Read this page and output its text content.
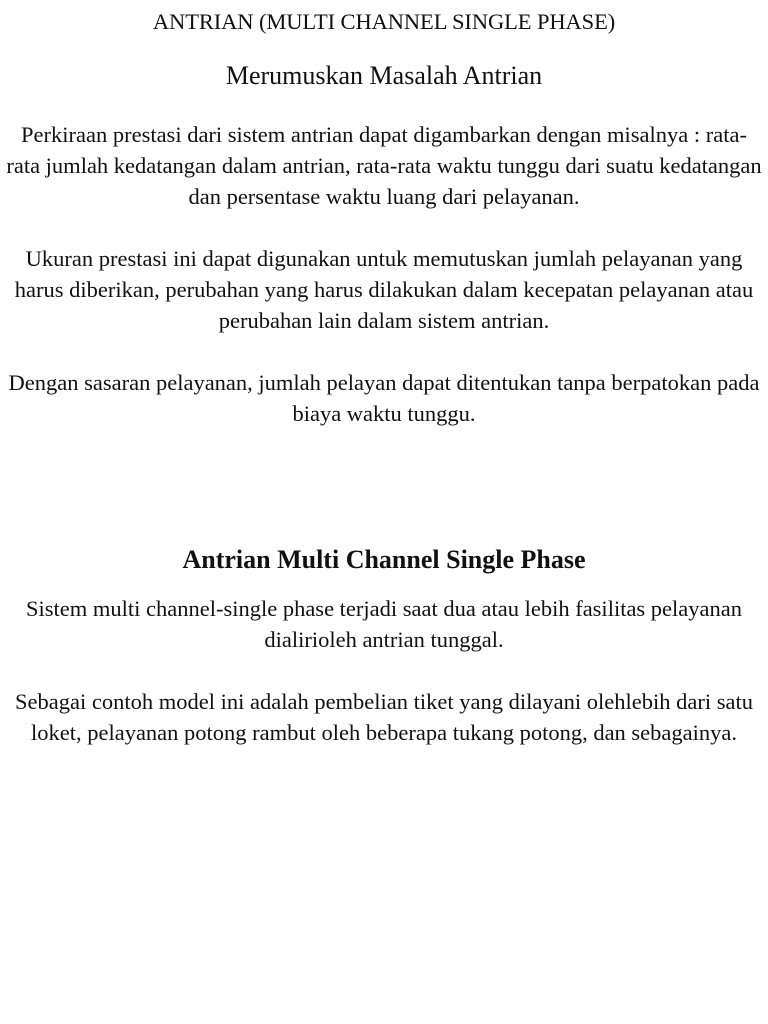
ANTRIAN (MULTI CHANNEL SINGLE PHASE)
Merumuskan Masalah Antrian

Perkiraan prestasi dari sistem antrian dapat digambarkan dengan misalnya : rata-rata jumlah kedatangan dalam antrian, rata-rata waktu tunggu dari suatu kedatangan dan persentase waktu luang dari pelayanan.

Ukuran prestasi ini dapat digunakan untuk memutuskan jumlah pelayanan yang harus diberikan, perubahan yang harus dilakukan dalam kecepatan pelayanan atau perubahan lain dalam sistem antrian.

Dengan sasaran pelayanan, jumlah pelayan dapat ditentukan tanpa berpatokan pada biaya waktu tunggu.

Antrian Multi Channel Single Phase

Sistem multi channel-single phase terjadi saat dua atau lebih fasilitas pelayanan dialirioleh antrian tunggal.

Sebagai contoh model ini adalah pembelian tiket yang dilayani olehlebih dari satu loket, pelayanan potong rambut oleh beberapa tukang potong, dan sebagainya.
